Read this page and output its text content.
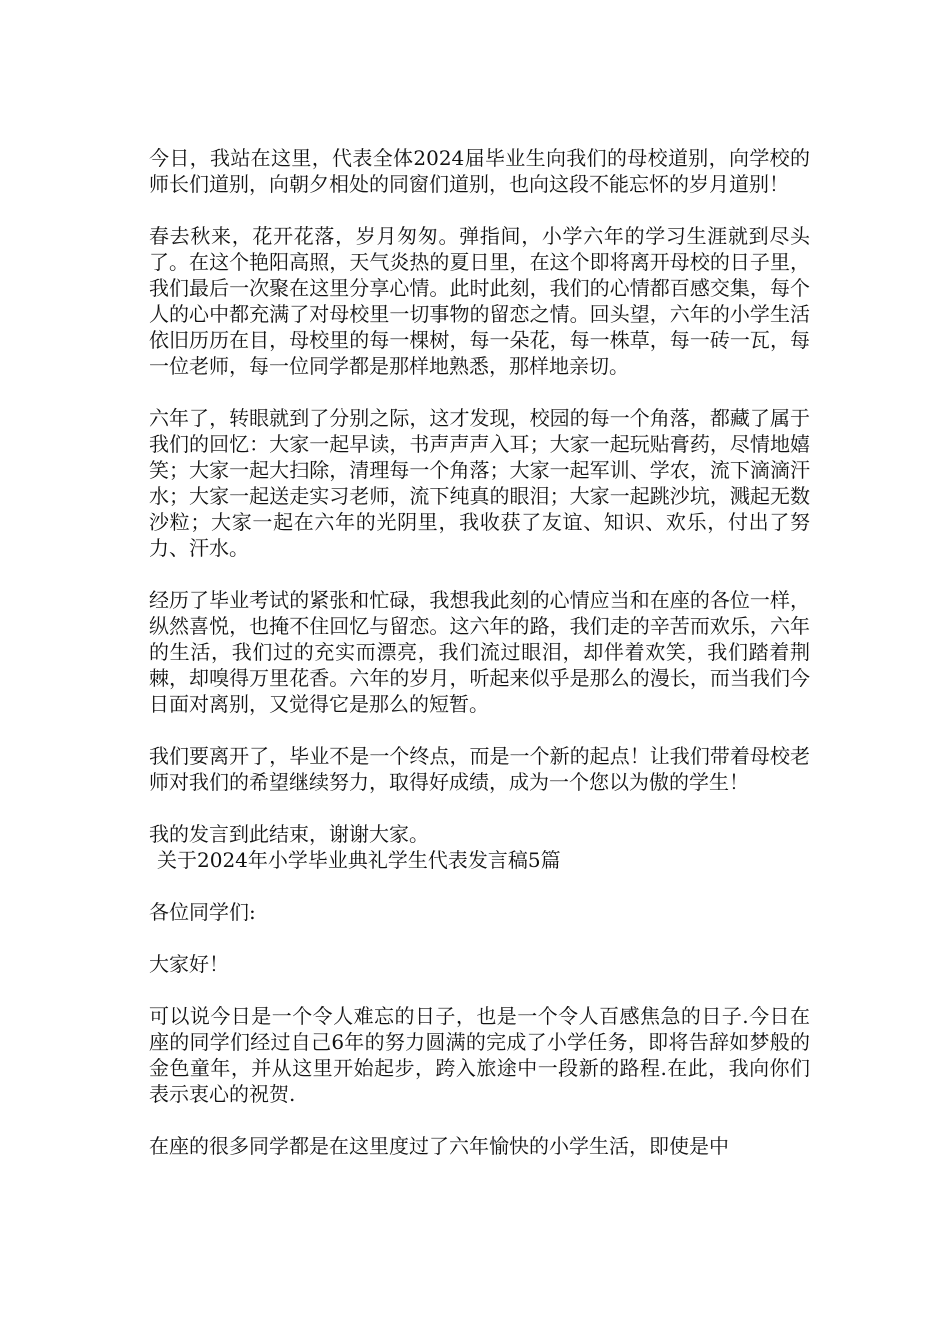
今日，我站在这里，代表全体2024届毕业生向我们的母校道别，向学校的师长们道别，向朝夕相处的同窗们道别，也向这段不能忘怀的岁月道别！

春去秋来，花开花落，岁月匆匆。弹指间，小学六年的学习生涯就到尽头了。在这个艳阳高照，天气炎热的夏日里，在这个即将离开母校的日子里，我们最后一次聚在这里分享心情。此时此刻，我们的心情都百感交集，每个人的心中都充满了对母校里一切事物的留恋之情。回头望，六年的小学生活依旧历历在目，母校里的每一棵树，每一朵花，每一株草，每一砖一瓦，每一位老师，每一位同学都是那样地熟悉，那样地亲切。

六年了，转眼就到了分别之际，这才发现，校园的每一个角落，都藏了属于我们的回忆：大家一起早读，书声声声入耳；大家一起玩贴膏药，尽情地嬉笑；大家一起大扫除，清理每一个角落；大家一起军训、学农，流下滴滴汗水；大家一起送走实习老师，流下纯真的眼泪；大家一起跳沙坑，溅起无数沙粒；大家一起在六年的光阴里，我收获了友谊、知识、欢乐，付出了努力、汗水。

经历了毕业考试的紧张和忙碌，我想我此刻的心情应当和在座的各位一样，纵然喜悦，也掩不住回忆与留恋。这六年的路，我们走的辛苦而欢乐，六年的生活，我们过的充实而漂亮，我们流过眼泪，却伴着欢笑，我们踏着荆棘，却嗅得万里花香。六年的岁月，听起来似乎是那么的漫长，而当我们今日面对离别，又觉得它是那么的短暂。

我们要离开了，毕业不是一个终点，而是一个新的起点！让我们带着母校老师对我们的希望继续努力，取得好成绩，成为一个您以为傲的学生！

我的发言到此结束，谢谢大家。

关于2024年小学毕业典礼学生代表发言稿5篇

各位同学们:

大家好！

可以说今日是一个令人难忘的日子，也是一个令人百感焦急的日子.今日在座的同学们经过自己6年的努力圆满的完成了小学任务，即将告辞如梦般的金色童年，并从这里开始起步，跨入旅途中一段新的路程.在此，我向你们表示衷心的祝贺.

在座的很多同学都是在这里度过了六年愉快的小学生活，即使是中
